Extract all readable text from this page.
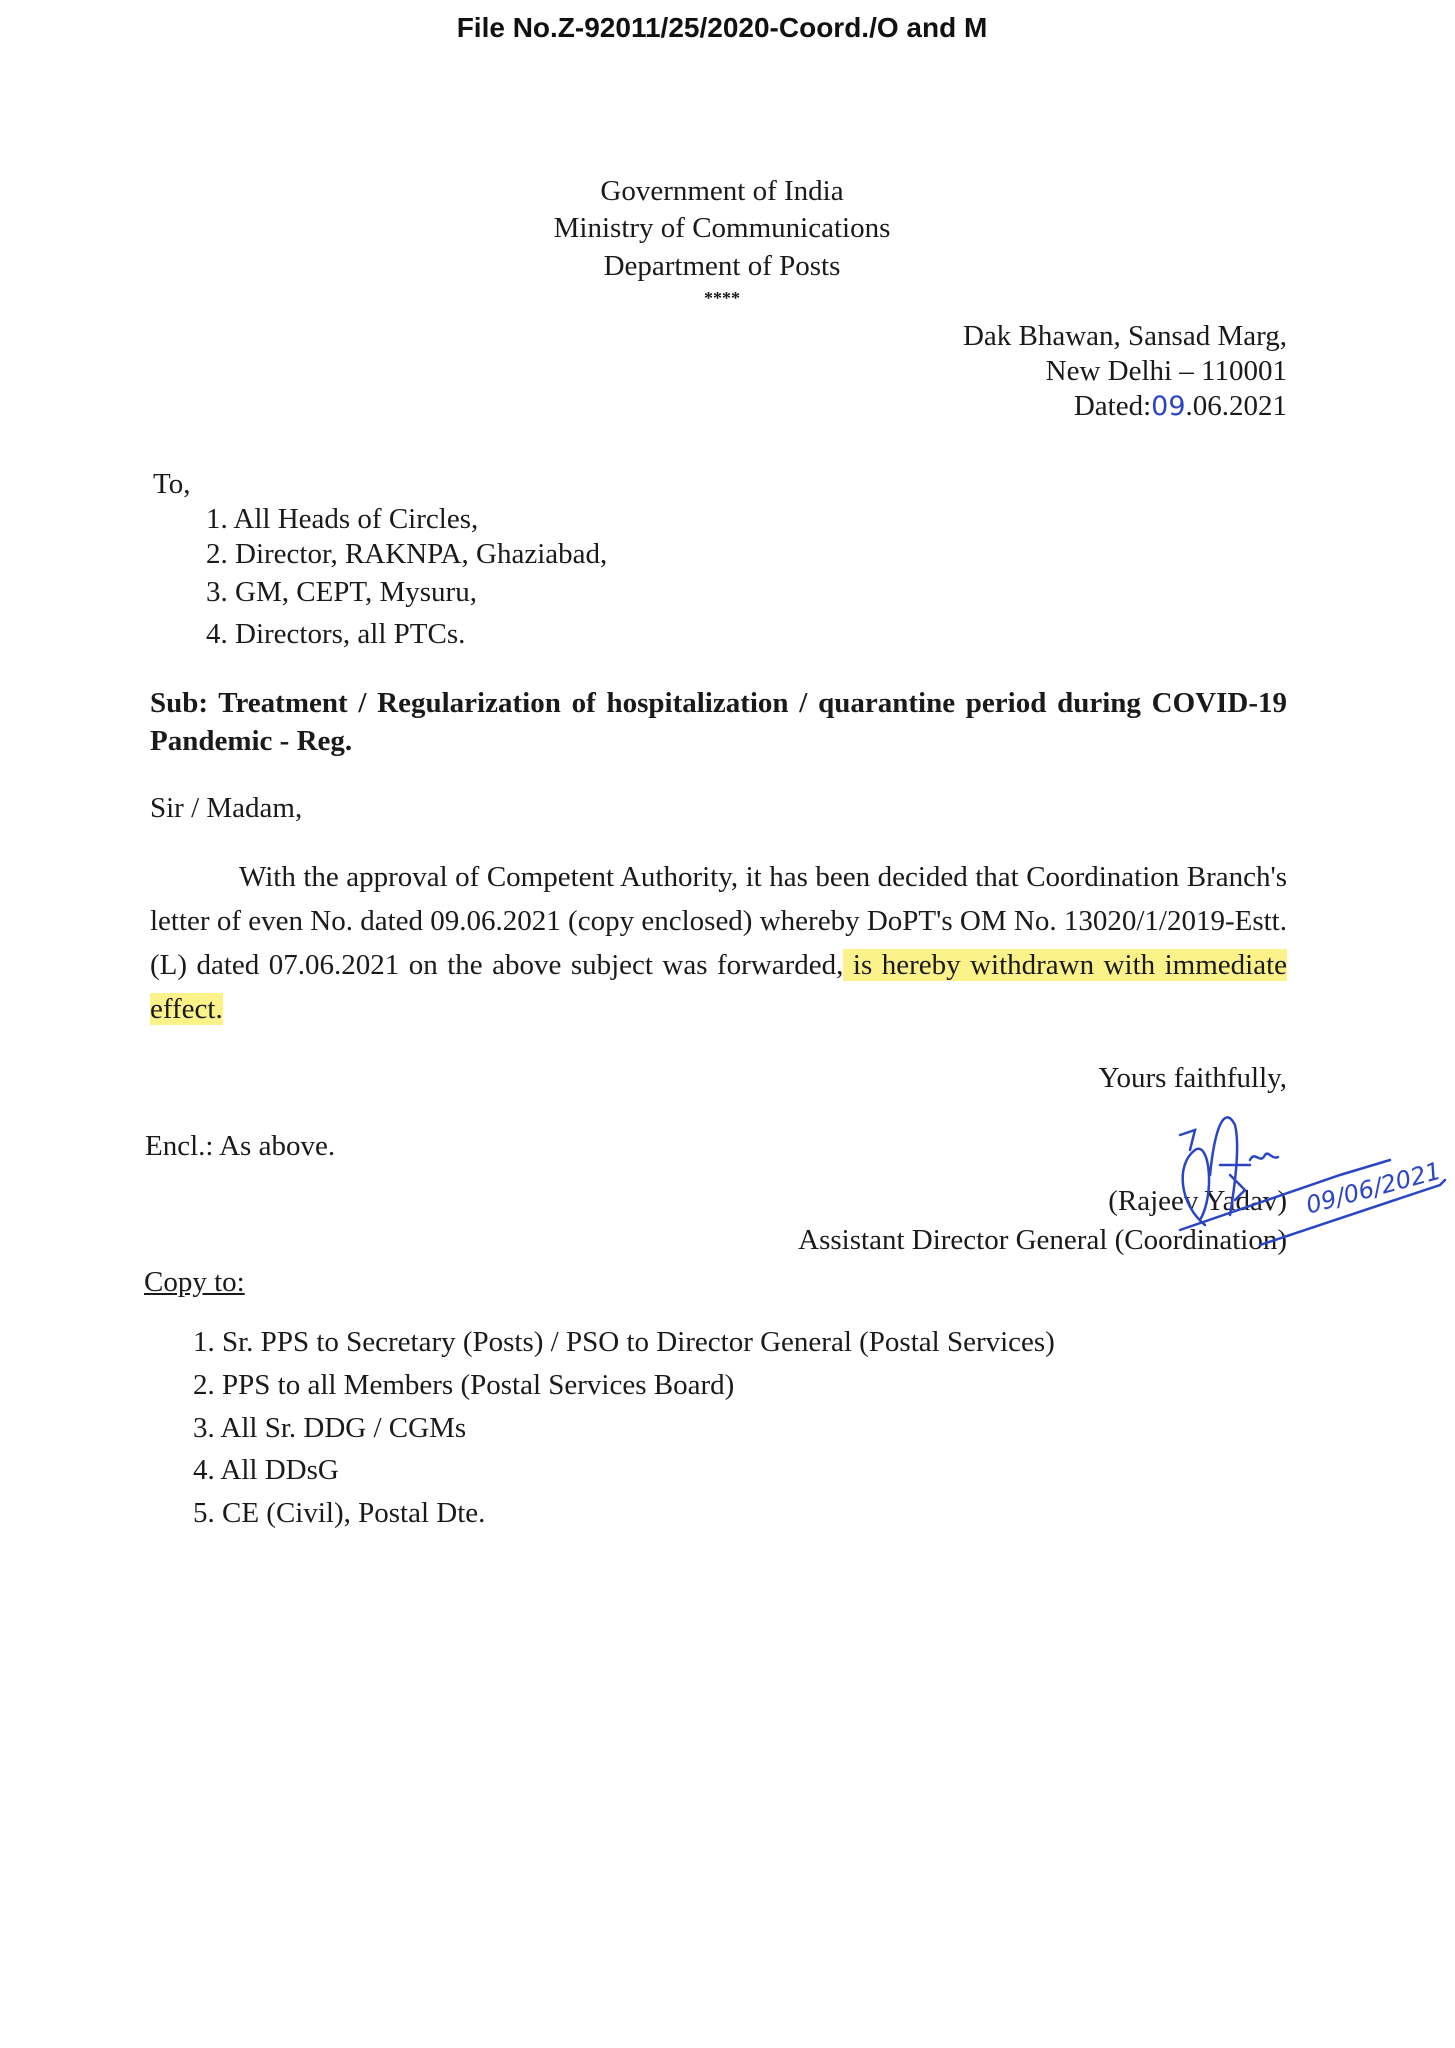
File No.Z-92011/25/2020-Coord./O and M
Government of India
Ministry of Communications
Department of Posts
****
Dak Bhawan, Sansad Marg,
New Delhi – 110001
Dated:09.06.2021
To,
1. All Heads of Circles,
2. Director, RAKNPA, Ghaziabad,
3. GM, CEPT, Mysuru,
4. Directors, all PTCs.
Sub: Treatment / Regularization of hospitalization / quarantine period during COVID-19 Pandemic - Reg.
Sir / Madam,
With the approval of Competent Authority, it has been decided that Coordination Branch's letter of even No. dated 09.06.2021 (copy enclosed) whereby DoPT's OM No. 13020/1/2019-Estt.(L) dated 07.06.2021 on the above subject was forwarded, is hereby withdrawn with immediate effect.
Yours faithfully,
Encl.: As above.
(Rajeev Yadav)
Assistant Director General (Coordination)
09/06/2021
Copy to:
1. Sr. PPS to Secretary (Posts) / PSO to Director General (Postal Services)
2. PPS to all Members (Postal Services Board)
3. All Sr. DDG / CGMs
4. All DDsG
5. CE (Civil), Postal Dte.
